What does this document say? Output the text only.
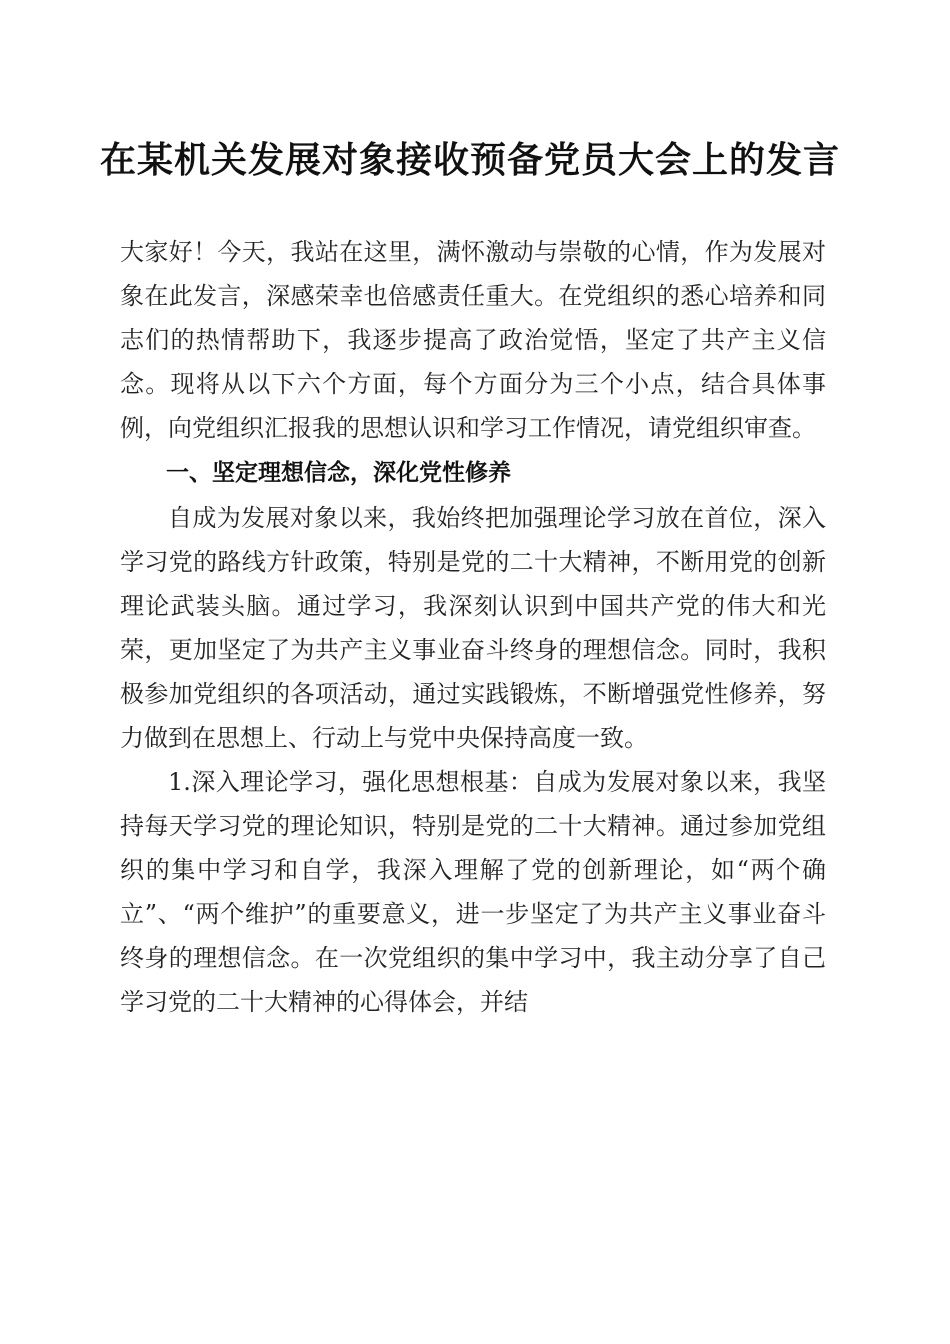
在某机关发展对象接收预备党员大会上的发言

大家好！今天，我站在这里，满怀激动与崇敬的心情，作为发展对象在此发言，深感荣幸也倍感责任重大。在党组织的悉心培养和同志们的热情帮助下，我逐步提高了政治觉悟，坚定了共产主义信念。现将从以下六个方面，每个方面分为三个小点，结合具体事例，向党组织汇报我的思想认识和学习工作情况，请党组织审查。

一、坚定理想信念，深化党性修养

自成为发展对象以来，我始终把加强理论学习放在首位，深入学习党的路线方针政策，特别是党的二十大精神，不断用党的创新理论武装头脑。通过学习，我深刻认识到中国共产党的伟大和光荣，更加坚定了为共产主义事业奋斗终身的理想信念。同时，我积极参加党组织的各项活动，通过实践锻炼，不断增强党性修养，努力做到在思想上、行动上与党中央保持高度一致。

1.深入理论学习，强化思想根基：自成为发展对象以来，我坚持每天学习党的理论知识，特别是党的二十大精神。通过参加党组织的集中学习和自学，我深入理解了党的创新理论，如“两个确立”、“两个维护”的重要意义，进一步坚定了为共产主义事业奋斗终身的理想信念。在一次党组织的集中学习中，我主动分享了自己学习党的二十大精神的心得体会，并结
